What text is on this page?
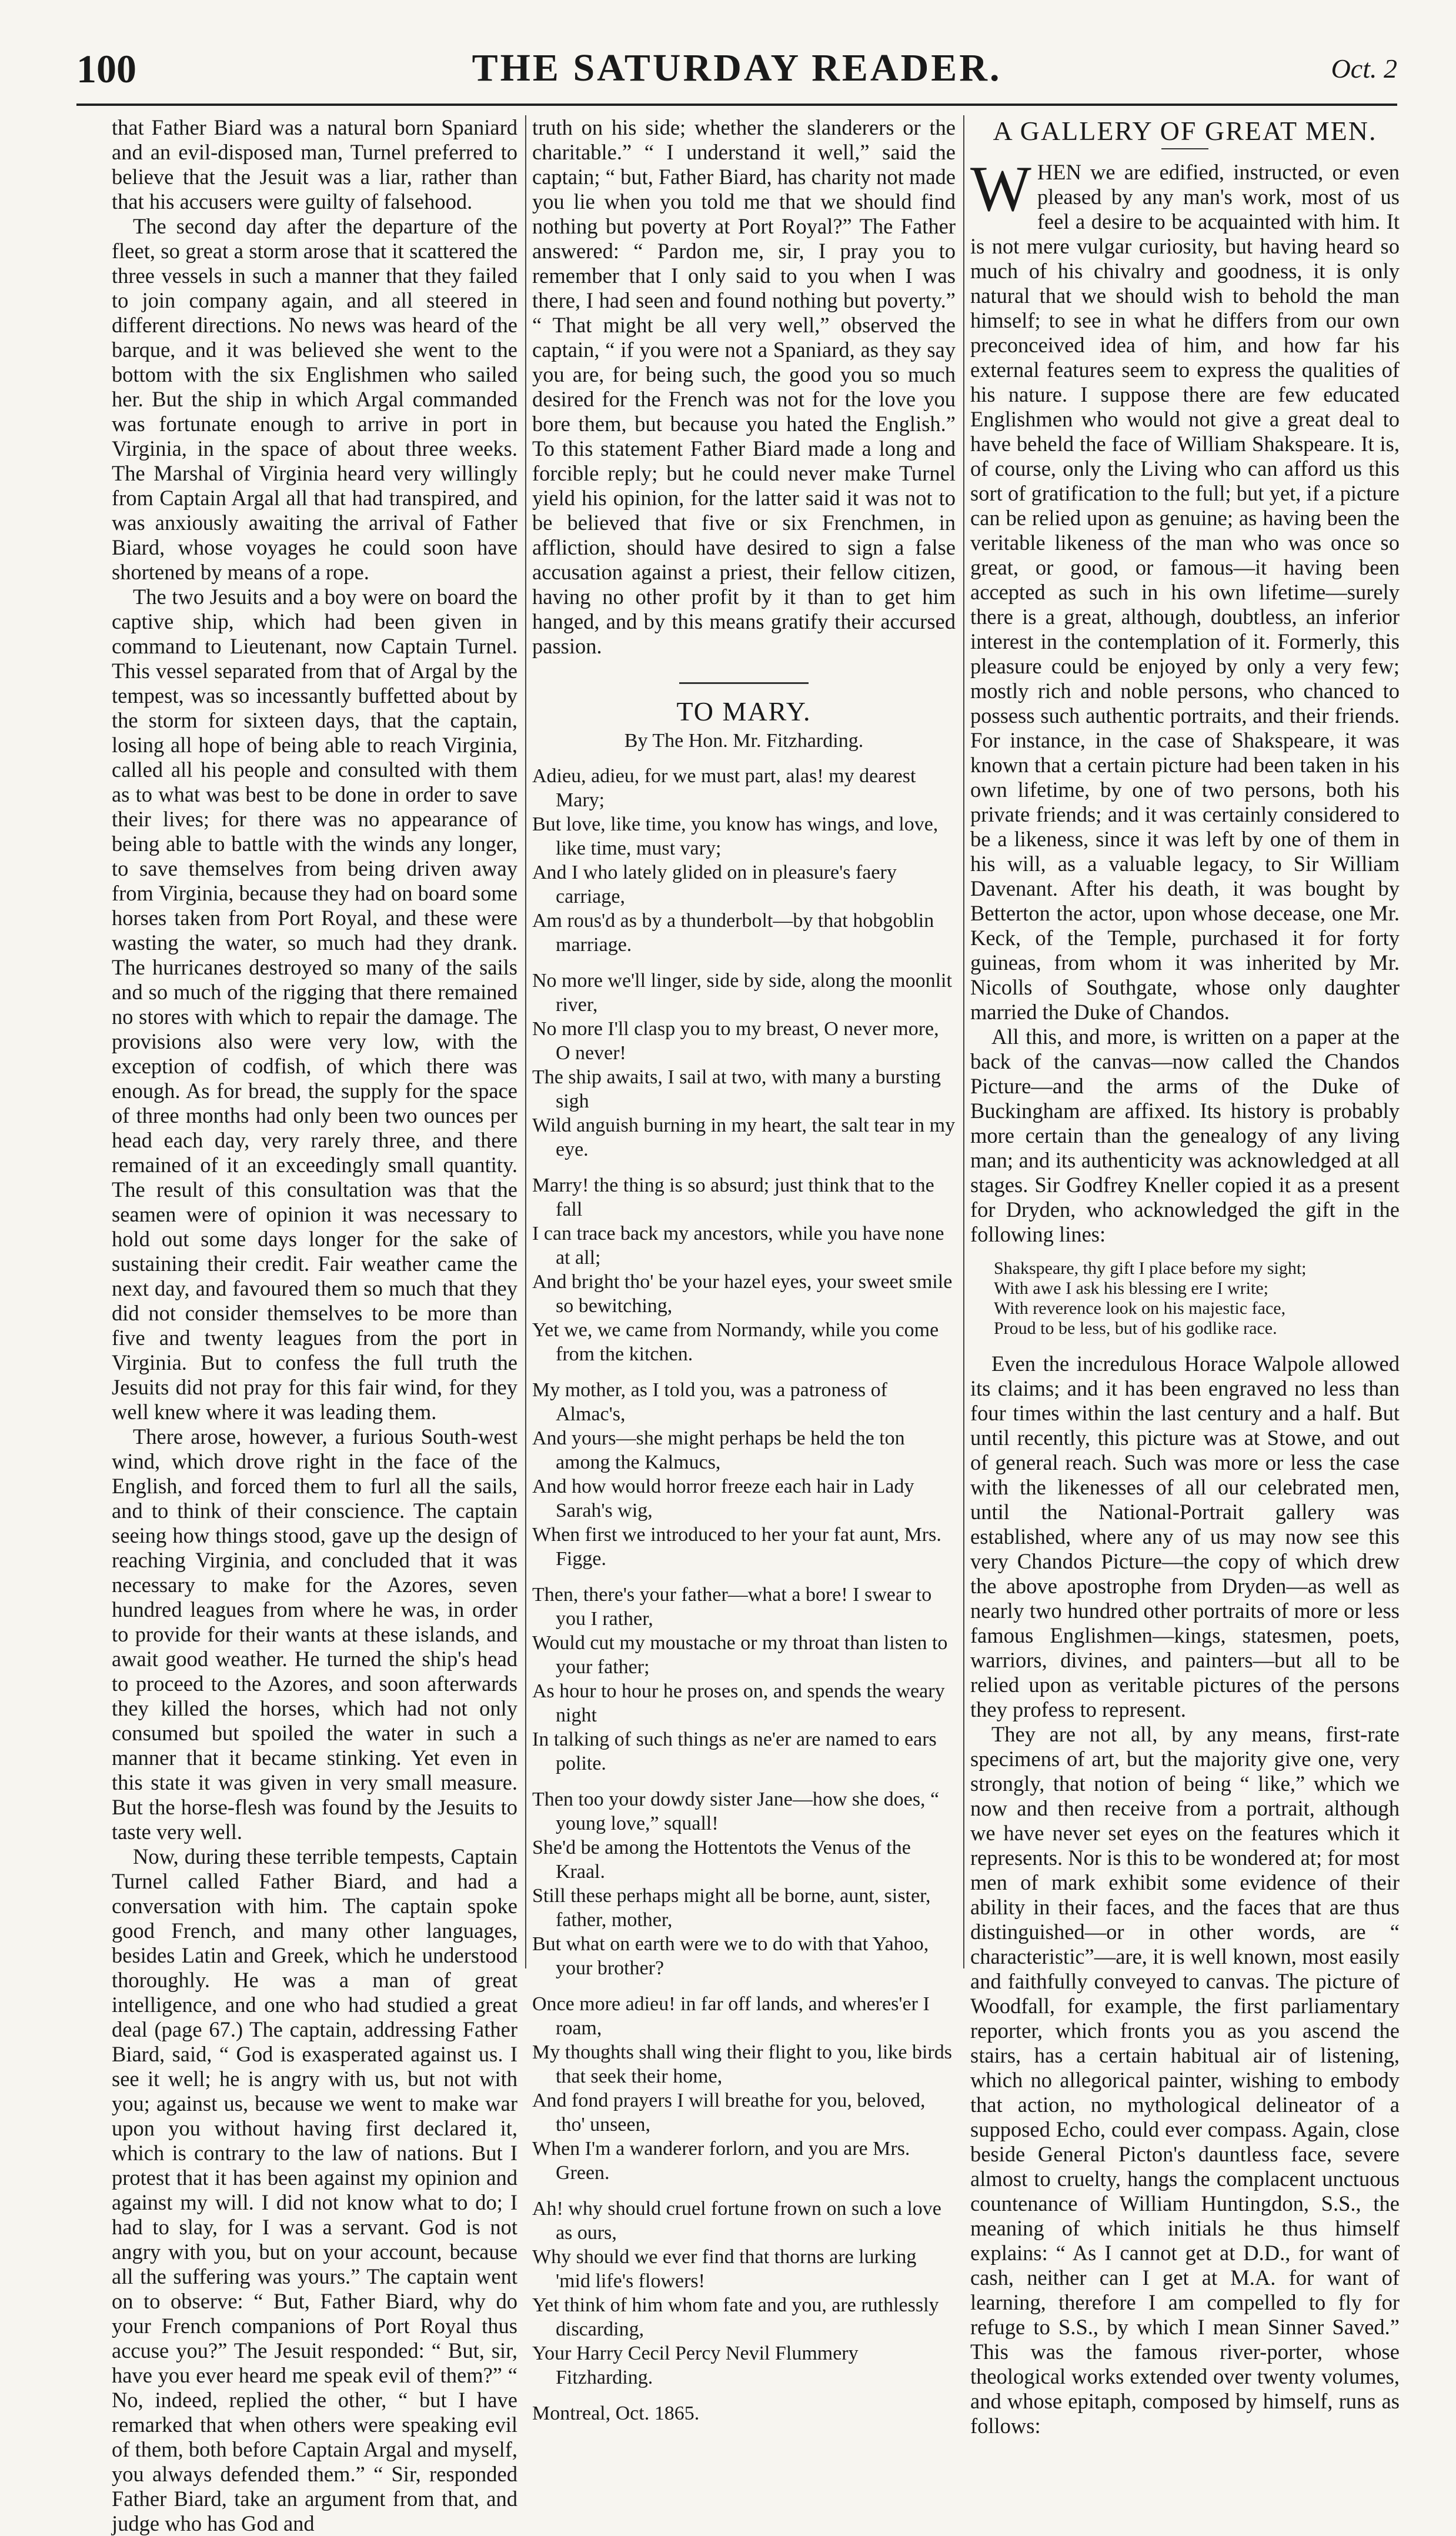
100	THE SATURDAY READER.	Oct. 2

that Father Biard was a natural born Spaniard and an evil-disposed man, Turnel preferred to believe that the Jesuit was a liar, rather than that his accusers were guilty of falsehood.

The second day after the departure of the fleet, so great a storm arose that it scattered the three vessels in such a manner that they failed to join company again, and all steered in different directions. No news was heard of the barque, and it was believed she went to the bottom with the six Englishmen who sailed her. But the ship in which Argal commanded was fortunate enough to arrive in port in Virginia, in the space of about three weeks. The Marshal of Virginia heard very willingly from Captain Argal all that had transpired, and was anxiously awaiting the arrival of Father Biard, whose voyages he could soon have shortened by means of a rope.

The two Jesuits and a boy were on board the captive ship, which had been given in command to Lieutenant, now Captain Turnel. This vessel separated from that of Argal by the tempest, was so incessantly buffetted about by the storm for sixteen days, that the captain, losing all hope of being able to reach Virginia, called all his people and consulted with them as to what was best to be done in order to save their lives; for there was no appearance of being able to battle with the winds any longer, to save themselves from being driven away from Virginia, because they had on board some horses taken from Port Royal, and these were wasting the water, so much had they drank. The hurricanes destroyed so many of the sails and so much of the rigging that there remained no stores with which to repair the damage. The provisions also were very low, with the exception of codfish, of which there was enough. As for bread, the supply for the space of three months had only been two ounces per head each day, very rarely three, and there remained of it an exceedingly small quantity. The result of this consultation was that the seamen were of opinion it was necessary to hold out some days longer for the sake of sustaining their credit. Fair weather came the next day, and favoured them so much that they did not consider themselves to be more than five and twenty leagues from the port in Virginia. But to confess the full truth the Jesuits did not pray for this fair wind, for they well knew where it was leading them.

There arose, however, a furious South-west wind, which drove right in the face of the English, and forced them to furl all the sails, and to think of their conscience. The captain seeing how things stood, gave up the design of reaching Virginia, and concluded that it was necessary to make for the Azores, seven hundred leagues from where he was, in order to provide for their wants at these islands, and await good weather. He turned the ship's head to proceed to the Azores, and soon afterwards they killed the horses, which had not only consumed but spoiled the water in such a manner that it became stinking. Yet even in this state it was given in very small measure. But the horse-flesh was found by the Jesuits to taste very well.

Now, during these terrible tempests, Captain Turnel called Father Biard, and had a conversation with him. The captain spoke good French, and many other languages, besides Latin and Greek, which he understood thoroughly. He was a man of great intelligence, and one who had studied a great deal (page 67.) The captain, addressing Father Biard, said, “ God is exasperated against us. I see it well; he is angry with us, but not with you; against us, because we went to make war upon you without having first declared it, which is contrary to the law of nations. But I protest that it has been against my opinion and against my will. I did not know what to do; I had to slay, for I was a servant. God is not angry with you, but on your account, because all the suffering was yours.” The captain went on to observe: “ But, Father Biard, why do your French companions of Port Royal thus accuse you?” The Jesuit responded: “ But, sir, have you ever heard me speak evil of them?” “ No, indeed, replied the other, “ but I have remarked that when others were speaking evil of them, both before Captain Argal and myself, you always defended them.” “ Sir, responded Father Biard, take an argument from that, and judge who has God and

truth on his side; whether the slanderers or the charitable.” “ I understand it well,” said the captain; “ but, Father Biard, has charity not made you lie when you told me that we should find nothing but poverty at Port Royal?” The Father answered: “ Pardon me, sir, I pray you to remember that I only said to you when I was there, I had seen and found nothing but poverty.” “ That might be all very well,” observed the captain, “ if you were not a Spaniard, as they say you are, for being such, the good you so much desired for the French was not for the love you bore them, but because you hated the English.” To this statement Father Biard made a long and forcible reply; but he could never make Turnel yield his opinion, for the latter said it was not to be believed that five or six Frenchmen, in affliction, should have desired to sign a false accusation against a priest, their fellow citizen, having no other profit by it than to get him hanged, and by this means gratify their accursed passion.

TO MARY.
By The Hon. Mr. Fitzharding.
Adieu, adieu, for we must part, alas! my dearest Mary;
But love, like time, you know has wings, and love, like time, must vary;
And I who lately glided on in pleasure's faery carriage,
Am rous'd as by a thunderbolt—by that hobgoblin marriage.
No more we'll linger, side by side, along the moonlit river,
No more I'll clasp you to my breast, O never more, O never!
The ship awaits, I sail at two, with many a bursting sigh
Wild anguish burning in my heart, the salt tear in my eye.
Marry! the thing is so absurd; just think that to the fall
I can trace back my ancestors, while you have none at all;
And bright tho' be your hazel eyes, your sweet smile so bewitching,
Yet we, we came from Normandy, while you come from the kitchen.
My mother, as I told you, was a patroness of Almac's,
And yours—she might perhaps be held the ton among the Kalmucs,
And how would horror freeze each hair in Lady Sarah's wig,
When first we introduced to her your fat aunt, Mrs. Figge.
Then, there's your father—what a bore! I swear to you I rather,
Would cut my moustache or my throat than listen to your father;
As hour to hour he proses on, and spends the weary night
In talking of such things as ne'er are named to ears polite.
Then too your dowdy sister Jane—how she does, “ young love,” squall!
She'd be among the Hottentots the Venus of the Kraal.
Still these perhaps might all be borne, aunt, sister, father, mother,
But what on earth were we to do with that Yahoo, your brother?
Once more adieu! in far off lands, and wheres'er I roam,
My thoughts shall wing their flight to you, like birds that seek their home,
And fond prayers I will breathe for you, beloved, tho' unseen,
When I'm a wanderer forlorn, and you are Mrs. Green.
Ah! why should cruel fortune frown on such a love as ours,
Why should we ever find that thorns are lurking 'mid life's flowers!
Yet think of him whom fate and you, are ruthlessly discarding,
Your Harry Cecil Percy Nevil Flummery Fitzharding.
Montreal, Oct. 1865.
A GALLERY OF GREAT MEN.

WHEN we are edified, instructed, or even pleased by any man's work, most of us feel a desire to be acquainted with him. It is not mere vulgar curiosity, but having heard so much of his chivalry and goodness, it is only natural that we should wish to behold the man himself; to see in what he differs from our own preconceived idea of him, and how far his external features seem to express the qualities of his nature. I suppose there are few educated Englishmen who would not give a great deal to have beheld the face of William Shakspeare. It is, of course, only the Living who can afford us this sort of gratification to the full; but yet, if a picture can be relied upon as genuine; as having been the veritable likeness of the man who was once so great, or good, or famous—it having been accepted as such in his own lifetime—surely there is a great, although, doubtless, an inferior interest in the contemplation of it. Formerly, this pleasure could be enjoyed by only a very few; mostly rich and noble persons, who chanced to possess such authentic portraits, and their friends. For instance, in the case of Shakspeare, it was known that a certain picture had been taken in his own lifetime, by one of two persons, both his private friends; and it was certainly considered to be a likeness, since it was left by one of them in his will, as a valuable legacy, to Sir William Davenant. After his death, it was bought by Betterton the actor, upon whose decease, one Mr. Keck, of the Temple, purchased it for forty guineas, from whom it was inherited by Mr. Nicolls of Southgate, whose only daughter married the Duke of Chandos.

All this, and more, is written on a paper at the back of the canvas—now called the Chandos Picture—and the arms of the Duke of Buckingham are affixed. Its history is probably more certain than the genealogy of any living man; and its authenticity was acknowledged at all stages. Sir Godfrey Kneller copied it as a present for Dryden, who acknowledged the gift in the following lines:

Shakspeare, thy gift I place before my sight;
With awe I ask his blessing ere I write;
With reverence look on his majestic face,
Proud to be less, but of his godlike race.

Even the incredulous Horace Walpole allowed its claims; and it has been engraved no less than four times within the last century and a half. But until recently, this picture was at Stowe, and out of general reach. Such was more or less the case with the likenesses of all our celebrated men, until the National-Portrait gallery was established, where any of us may now see this very Chandos Picture—the copy of which drew the above apostrophe from Dryden—as well as nearly two hundred other portraits of more or less famous Englishmen—kings, statesmen, poets, warriors, divines, and painters—but all to be relied upon as veritable pictures of the persons they profess to represent.

They are not all, by any means, first-rate specimens of art, but the majority give one, very strongly, that notion of being “ like,” which we now and then receive from a portrait, although we have never set eyes on the features which it represents. Nor is this to be wondered at; for most men of mark exhibit some evidence of their ability in their faces, and the faces that are thus distinguished—or in other words, are “ characteristic”—are, it is well known, most easily and faithfully conveyed to canvas. The picture of Woodfall, for example, the first parliamentary reporter, which fronts you as you ascend the stairs, has a certain habitual air of listening, which no allegorical painter, wishing to embody that action, no mythological delineator of a supposed Echo, could ever compass. Again, close beside General Picton's dauntless face, severe almost to cruelty, hangs the complacent unctuous countenance of William Huntingdon, S.S., the meaning of which initials he thus himself explains: “ As I cannot get at D.D., for want of cash, neither can I get at M.A. for want of learning, therefore I am compelled to fly for refuge to S.S., by which I mean Sinner Saved.” This was the famous river-porter, whose theological works extended over twenty volumes, and whose epitaph, composed by himself, runs as follows:
